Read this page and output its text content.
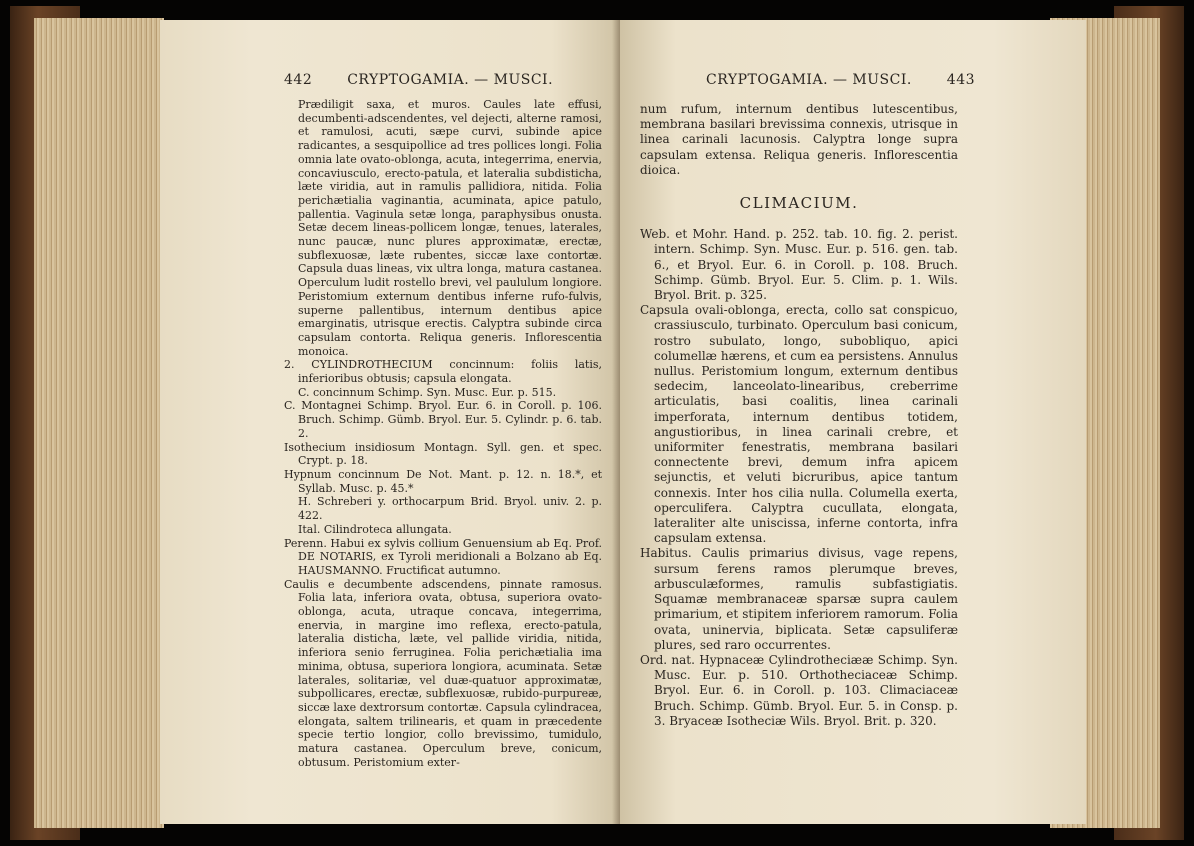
442 CRYPTOGAMIA. — MUSCI.

Prædiligit saxa, et muros. Caules late effusi, decumbenti-adscendentes, vel dejecti, alterne ramosi, et ramulosi, acuti, sæpe curvi, subinde apice radicantes, a sesquipollice ad tres pollices longi. Folia omnia late ovato-oblonga, acuta, integerrima, enervia, concaviusculo, erecto-patula, et lateralia subdisticha, læte viridia, aut in ramulis pallidiora, nitida. Folia perichætialia vaginantia, acuminata, apice patulo, pallentia. Vaginula setæ longa, paraphysibus onusta. Setæ decem lineas-pollicem longæ, tenues, laterales, nunc paucæ, nunc plures approximatæ, erectæ, subflexuosæ, læte rubentes, siccæ laxe contortæ. Capsula duas lineas, vix ultra longa, matura castanea. Operculum ludit rostello brevi, vel paululum longiore. Peristomium externum dentibus inferne rufo-fulvis, superne pallentibus, internum dentibus apice emarginatis, utrisque erectis. Calyptra subinde circa capsulam contorta. Reliqua generis. Inflorescentia monoica.

2. CYLINDROTHECIUM concinnum: foliis latis, inferioribus obtusis; capsula elongata.

C. concinnum Schimp. Syn. Musc. Eur. p. 515.

C. Montagnei Schimp. Bryol. Eur. 6. in Coroll. p. 106. Bruch. Schimp. Gümb. Bryol. Eur. 5. Cylindr. p. 6. tab. 2.

Isothecium insidiosum Montagn. Syll. gen. et spec. Crypt. p. 18.

Hypnum concinnum De Not. Mant. p. 12. n. 18.*, et Syllab. Musc. p. 45.*

H. Schreberi y. orthocarpum Brid. Bryol. univ. 2. p. 422.

Ital. Cilindroteca allungata.

Perenn. Habui ex sylvis collium Genuensium ab Eq. Prof. DE NOTARIS, ex Tyroli meridionali a Bolzano ab Eq. HAUSMANNO. Fructificat autumno.

Caulis e decumbente adscendens, pinnate ramosus. Folia lata, inferiora ovata, obtusa, superiora ovato-oblonga, acuta, utraque concava, integerrima, enervia, in margine imo reflexa, erecto-patula, lateralia disticha, læte, vel pallide viridia, nitida, inferiora senio ferruginea. Folia perichætialia ima minima, obtusa, superiora longiora, acuminata. Setæ laterales, solitariæ, vel duæ-quatuor approximatæ, subpollicares, erectæ, subflexuosæ, rubido-purpureæ, siccæ laxe dextrorsum contortæ. Capsula cylindracea, elongata, saltem trilinearis, et quam in præcedente specie tertio longior, collo brevissimo, tumidulo, matura castanea. Operculum breve, conicum, obtusum. Peristomium exter-

CRYPTOGAMIA. — MUSCI. 443

num rufum, internum dentibus lutescentibus, membrana basilari brevissima connexis, utrisque in linea carinali lacunosis. Calyptra longe supra capsulam extensa. Reliqua generis. Inflorescentia dioica.

CLIMACIUM.

Web. et Mohr. Hand. p. 252. tab. 10. fig. 2. perist. intern. Schimp. Syn. Musc. Eur. p. 516. gen. tab. 6., et Bryol. Eur. 6. in Coroll. p. 108. Bruch. Schimp. Gümb. Bryol. Eur. 5. Clim. p. 1. Wils. Bryol. Brit. p. 325.

Capsula ovali-oblonga, erecta, collo sat conspicuo, crassiusculo, turbinato. Operculum basi conicum, rostro subulato, longo, subobliquo, apici columellæ hærens, et cum ea persistens. Annulus nullus. Peristomium longum, externum dentibus sedecim, lanceolato-linearibus, creberrime articulatis, basi coalitis, linea carinali imperforata, internum dentibus totidem, angustioribus, in linea carinali crebre, et uniformiter fenestratis, membrana basilari connectente brevi, demum infra apicem sejunctis, et veluti bicruribus, apice tantum connexis. Inter hos cilia nulla. Columella exerta, operculifera. Calyptra cucullata, elongata, lateraliter alte uniscissa, inferne contorta, infra capsulam extensa.

Habitus. Caulis primarius divisus, vage repens, sursum ferens ramos plerumque breves, arbusculæformes, ramulis subfastigiatis. Squamæ membranaceæ sparsæ supra caulem primarium, et stipitem inferiorem ramorum. Folia ovata, uninervia, biplicata. Setæ capsuliferæ plures, sed raro occurrentes.

Ord. nat. Hypnaceæ Cylindrotheciææ Schimp. Syn. Musc. Eur. p. 510. Orthotheciaceæ Schimp. Bryol. Eur. 6. in Coroll. p. 103. Climaciaceæ Bruch. Schimp. Gümb. Bryol. Eur. 5. in Consp. p. 3. Bryaceæ Isotheciæ Wils. Bryol. Brit. p. 320.
